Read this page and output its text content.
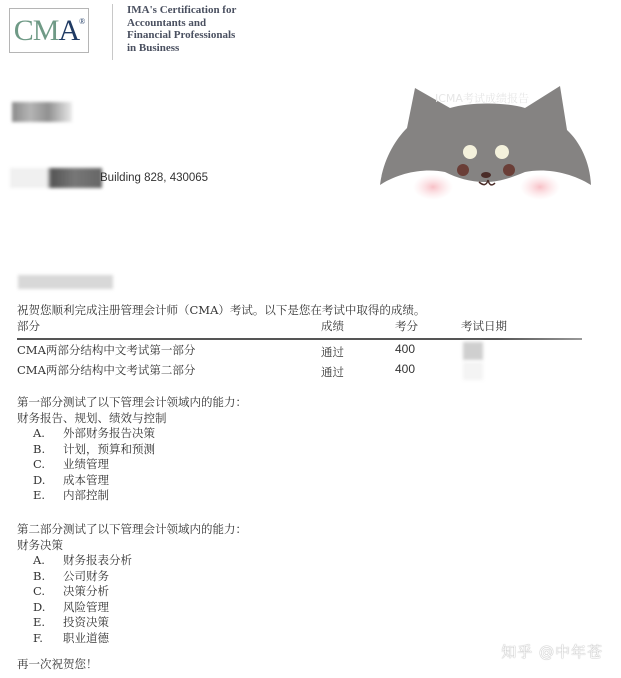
CMA®
IMA's Certification for
Accountants and
Financial Professionals
in Business
Building 828, 430065
ICMA考试成绩报告
祝贺您顺利完成注册管理会计师（CMA）考试。以下是您在考试中取得的成绩。
部分	成绩	考分	考试日期
CMA两部分结构中文考试第一部分	通过	400
CMA两部分结构中文考试第二部分	通过	400
第一部分测试了以下管理会计领域内的能力：
财务报告、规划、绩效与控制
A.	外部财务报告决策
B.	计划，预算和预测
C.	业绩管理
D.	成本管理
E.	内部控制
第二部分测试了以下管理会计领域内的能力：
财务决策
A.	财务报表分析
B.	公司财务
C.	决策分析
D.	风险管理
E.	投资决策
F.	职业道德
再一次祝贺您！
知乎 @中年苍
